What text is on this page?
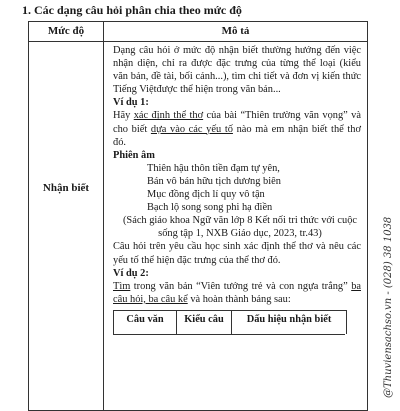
1. Các dạng câu hỏi phân chia theo mức độ
Mức độ	Mô tả
Nhận biết

Dạng câu hỏi ở mức độ nhận biết thường hướng đến việc nhận diện, chỉ ra được đặc trưng của từng thể loại (kiểu văn bản, đề tài, bối cảnh...), tìm chi tiết và đơn vị kiến thức Tiếng Việtđược thể hiện trong văn bản...

Ví dụ 1:

Hãy xác định thể thơ của bài “Thiên trường vãn vọng” và cho biết dựa vào các yếu tố nào mà em nhận biết thể thơ đó.

Phiên âm

Thiên hậu thôn tiền đạm tự yên,

Bán vô bán hữu tịch dương biên

Mục đồng địch lí quy vô tận

Bạch lộ song song phi hạ điền

(Sách giáo khoa Ngữ văn lớp 8 Kết nối tri thức với cuộc sống tập 1, NXB Giáo dục, 2023, tr.43)

Câu hỏi trên yêu cầu học sinh xác định thể thơ và nêu các yếu tố thể hiện đặc trưng của thể thơ đó.

Ví dụ 2:

Tìm trong văn bản “Viên tướng trẻ và con ngựa trắng” ba câu hỏi, ba câu kể và hoàn thành bảng sau:

Câu văn	Kiểu câu	Dấu hiệu nhận biết	@Thuviensachso.vn - (028) 38 1038
